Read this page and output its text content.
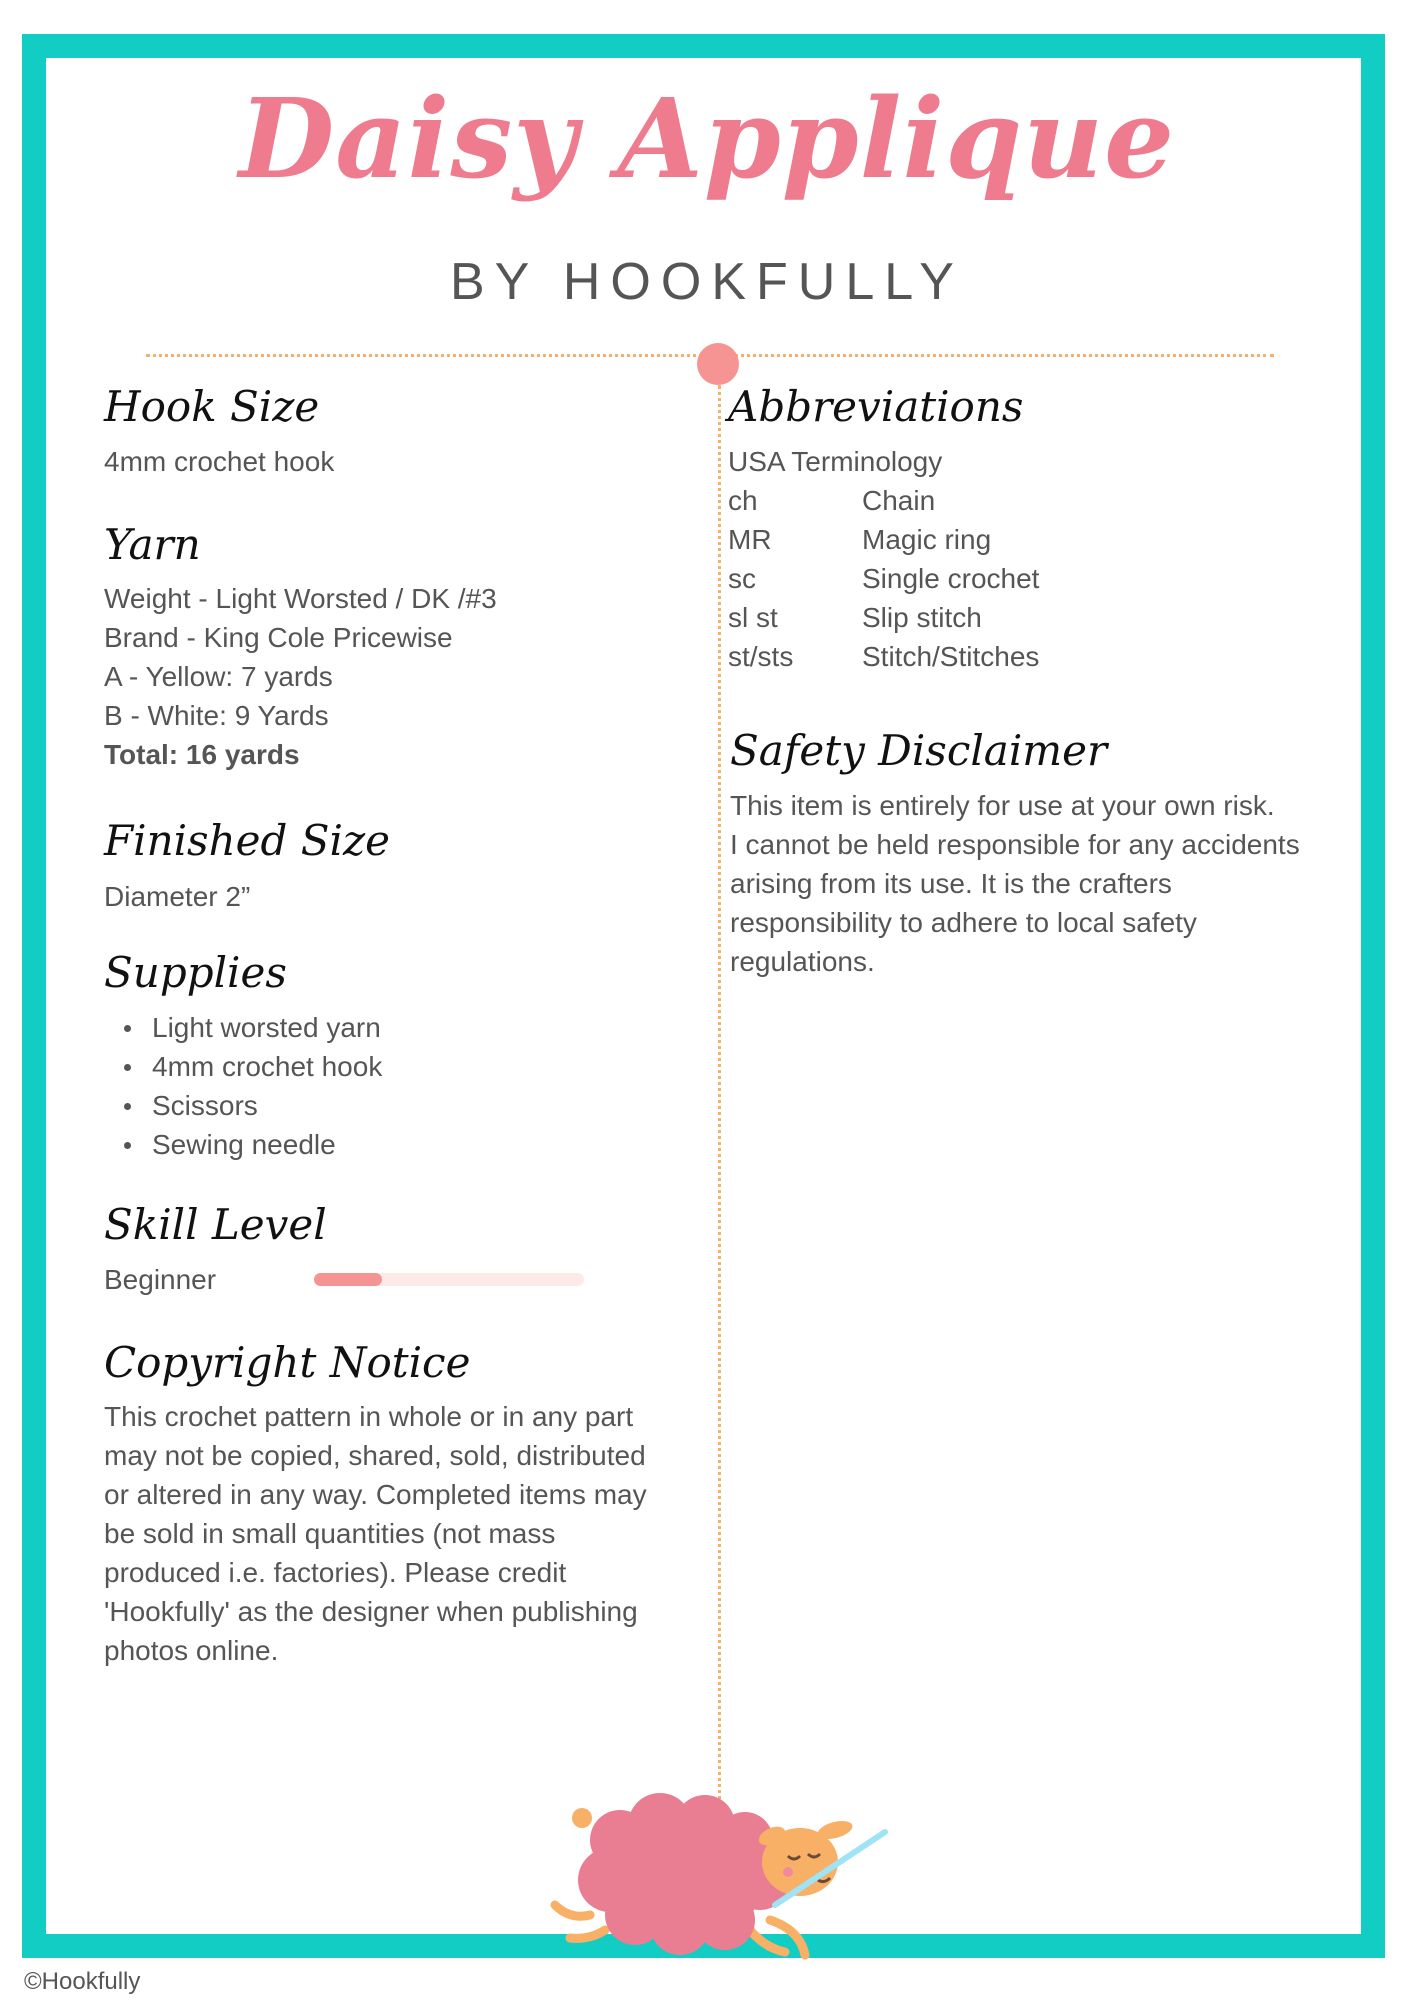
Daisy Applique
BY HOOKFULLY
Hook Size
4mm crochet hook
Yarn
Weight - Light Worsted / DK /#3
Brand - King Cole Pricewise
A - Yellow: 7 yards
B - White: 9 Yards
Total: 16 yards
Finished Size
Diameter 2”
Supplies
Light worsted yarn
4mm crochet hook
Scissors
Sewing needle
Skill Level
Beginner
Copyright Notice
This crochet pattern in whole or in any part
may not be copied, shared, sold, distributed
or altered in any way. Completed items may
be sold in small quantities (not mass
produced i.e. factories). Please credit
'Hookfully' as the designer when publishing
photos online.
Abbreviations
USA Terminology
ch	Chain
MR	Magic ring
sc	Single crochet
sl st	Slip stitch
st/sts	Stitch/Stitches
Safety Disclaimer
This item is entirely for use at your own risk.
I cannot be held responsible for any accidents
arising from its use. It is the crafters
responsibility to adhere to local safety
regulations.
©Hookfully
